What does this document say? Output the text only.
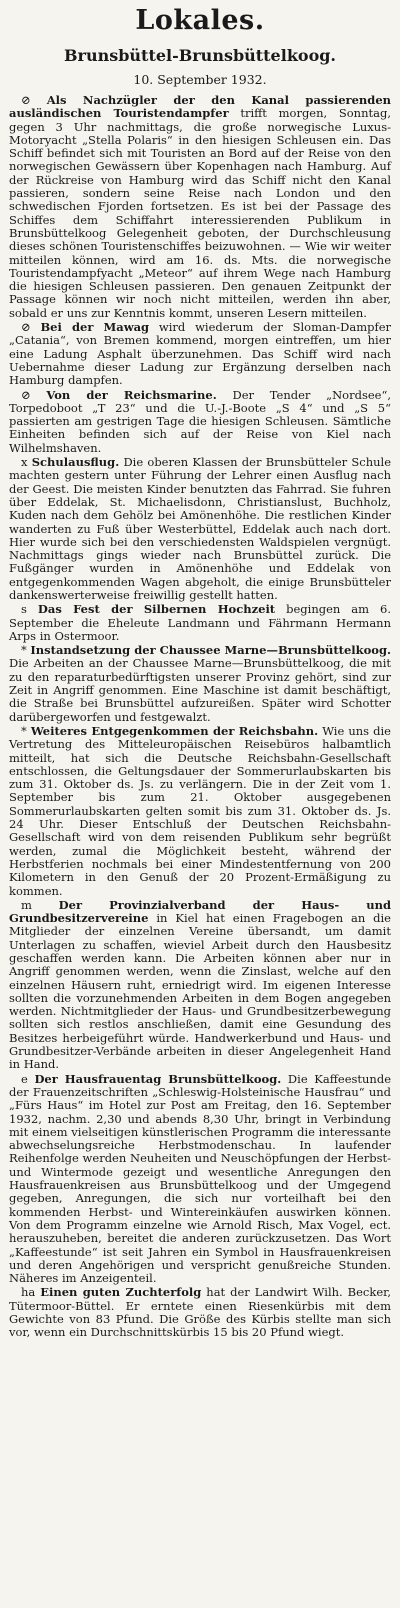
Lokales.
Brunsbüttel-Brunsbüttelkoog.
10. September 1932.

⊘ Als Nachzügler der den Kanal passierenden ausländischen Touristendampfer trifft morgen, Sonntag, gegen 3 Uhr nachmittags, die große norwegische Luxus-Motoryacht „Stella Polaris“ in den hiesigen Schleusen ein. Das Schiff befindet sich mit Touristen an Bord auf der Reise von den norwegischen Gewässern über Kopenhagen nach Hamburg. Auf der Rückreise von Hamburg wird das Schiff nicht den Kanal passieren, sondern seine Reise nach London und den schwedischen Fjorden fortsetzen. Es ist bei der Passage des Schiffes dem Schiffahrt interessierenden Publikum in Brunsbüttelkoog Gelegenheit geboten, der Durchschleusung dieses schönen Touristenschiffes beizuwohnen. — Wie wir weiter mitteilen können, wird am 16. ds. Mts. die norwegische Touristendampfyacht „Meteor“ auf ihrem Wege nach Hamburg die hiesigen Schleusen passieren. Den genauen Zeitpunkt der Passage können wir noch nicht mitteilen, werden ihn aber, sobald er uns zur Kenntnis kommt, unseren Lesern mitteilen.

⊘ Bei der Mawag wird wiederum der Sloman-Dampfer „Catania“, von Bremen kommend, morgen eintreffen, um hier eine Ladung Asphalt überzunehmen. Das Schiff wird nach Uebernahme dieser Ladung zur Ergänzung derselben nach Hamburg dampfen.

⊘ Von der Reichsmarine. Der Tender „Nordsee“, Torpedoboot „T 23“ und die U.-J.-Boote „S 4“ und „S 5“ passierten am gestrigen Tage die hiesigen Schleusen. Sämtliche Einheiten befinden sich auf der Reise von Kiel nach Wilhelmshaven.

x Schulausflug. Die oberen Klassen der Brunsbütteler Schule machten gestern unter Führung der Lehrer einen Ausflug nach der Geest. Die meisten Kinder benutzten das Fahrrad. Sie fuhren über Eddelak, St. Michaelisdonn, Christianslust, Buchholz, Kuden nach dem Gehölz bei Amönenhöhe. Die restlichen Kinder wanderten zu Fuß über Westerbüttel, Eddelak auch nach dort. Hier wurde sich bei den verschiedensten Waldspielen vergnügt. Nachmittags gings wieder nach Brunsbüttel zurück. Die Fußgänger wurden in Amönenhöhe und Eddelak von entgegenkommenden Wagen abgeholt, die einige Brunsbütteler dankenswerterweise freiwillig gestellt hatten.

s Das Fest der Silbernen Hochzeit begingen am 6. September die Eheleute Landmann und Fährmann Hermann Arps in Ostermoor.

* Instandsetzung der Chaussee Marne—Brunsbüttelkoog. Die Arbeiten an der Chaussee Marne—Brunsbüttelkoog, die mit zu den reparaturbedürftigsten unserer Provinz gehört, sind zur Zeit in Angriff genommen. Eine Maschine ist damit beschäftigt, die Straße bei Brunsbüttel aufzureißen. Später wird Schotter darübergeworfen und festgewalzt.

* Weiteres Entgegenkommen der Reichsbahn. Wie uns die Vertretung des Mitteleuropäischen Reisebüros halbamtlich mitteilt, hat sich die Deutsche Reichsbahn-Gesellschaft entschlossen, die Geltungsdauer der Sommerurlaubskarten bis zum 31. Oktober ds. Js. zu verlängern. Die in der Zeit vom 1. September bis zum 21. Oktober ausgegebenen Sommerurlaubskarten gelten somit bis zum 31. Oktober ds. Js. 24 Uhr. Dieser Entschluß der Deutschen Reichsbahn-Gesellschaft wird von dem reisenden Publikum sehr begrüßt werden, zumal die Möglichkeit besteht, während der Herbstferien nochmals bei einer Mindestentfernung von 200 Kilometern in den Genuß der 20 Prozent-Ermäßigung zu kommen.

m Der Provinzialverband der Haus- und Grundbesitzervereine in Kiel hat einen Fragebogen an die Mitglieder der einzelnen Vereine übersandt, um damit Unterlagen zu schaffen, wieviel Arbeit durch den Hausbesitz geschaffen werden kann. Die Arbeiten können aber nur in Angriff genommen werden, wenn die Zinslast, welche auf den einzelnen Häusern ruht, erniedrigt wird. Im eigenen Interesse sollten die vorzunehmenden Arbeiten in dem Bogen angegeben werden. Nichtmitglieder der Haus- und Grundbesitzerbewegung sollten sich restlos anschließen, damit eine Gesundung des Besitzes herbeigeführt würde. Handwerkerbund und Haus- und Grundbesitzer-Verbände arbeiten in dieser Angelegenheit Hand in Hand.

e Der Hausfrauentag Brunsbüttelkoog. Die Kaffeestunde der Frauenzeitschriften „Schleswig-Holsteinische Hausfrau“ und „Fürs Haus“ im Hotel zur Post am Freitag, den 16. September 1932, nachm. 2,30 und abends 8,30 Uhr, bringt in Verbindung mit einem vielseitigen künstlerischen Programm die interessante abwechselungsreiche Herbstmodenschau. In laufender Reihenfolge werden Neuheiten und Neuschöpfungen der Herbst- und Wintermode gezeigt und wesentliche Anregungen den Hausfrauenkreisen aus Brunsbüttelkoog und der Umgegend gegeben, Anregungen, die sich nur vorteilhaft bei den kommenden Herbst- und Wintereinkäufen auswirken können. Von dem Programm einzelne wie Arnold Risch, Max Vogel, ect. herauszuheben, bereitet die anderen zurückzusetzen. Das Wort „Kaffeestunde“ ist seit Jahren ein Symbol in Hausfrauenkreisen und deren Angehörigen und verspricht genußreiche Stunden. Näheres im Anzeigenteil.

ha Einen guten Zuchterfolg hat der Landwirt Wilh. Becker, Tütermoor-Büttel. Er erntete einen Riesenkürbis mit dem Gewichte von 83 Pfund. Die Größe des Kürbis stellte man sich vor, wenn ein Durchschnittskürbis 15 bis 20 Pfund wiegt.
